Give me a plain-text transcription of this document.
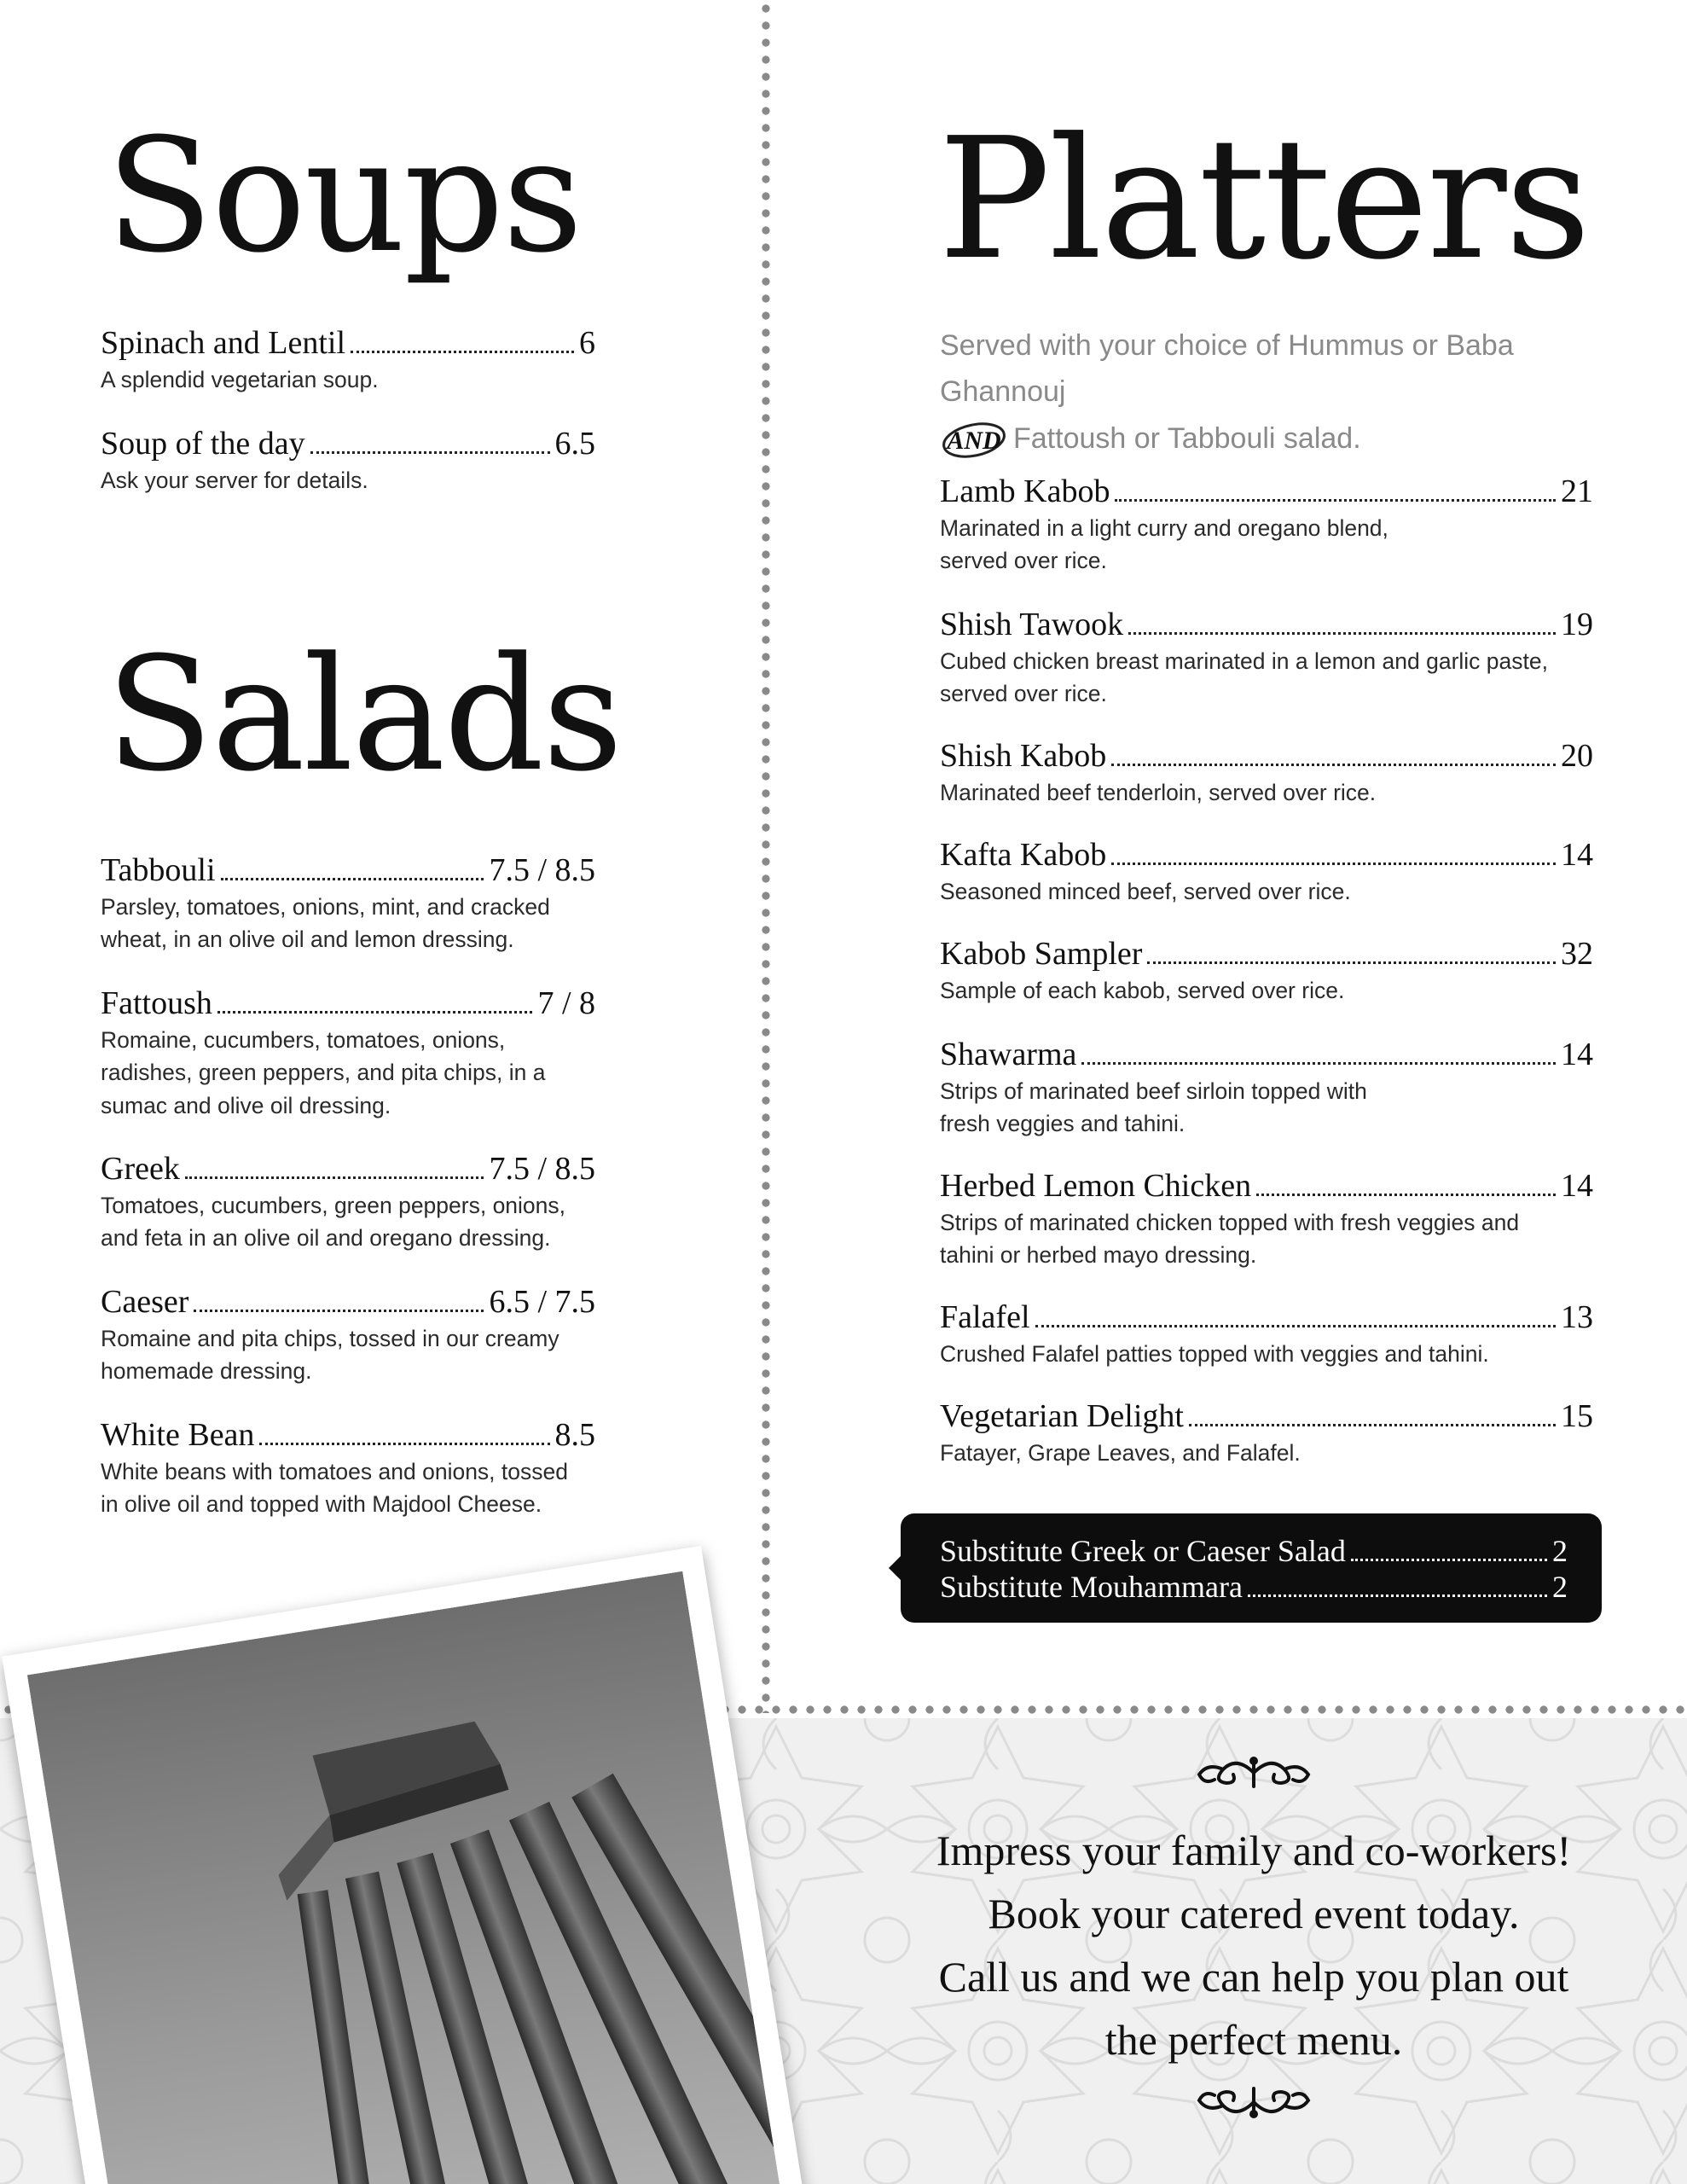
Soups
Spinach and Lentil	6
A splendid vegetarian soup.
Soup of the day	6.5
Ask your server for details.
Salads
Tabbouli	7.5 / 8.5
Parsley, tomatoes, onions, mint, and cracked
wheat, in an olive oil and lemon dressing.
Fattoush	7 / 8
Romaine, cucumbers, tomatoes, onions,
radishes, green peppers, and pita chips, in a
sumac and olive oil dressing.
Greek	7.5 / 8.5
Tomatoes, cucumbers, green peppers, onions,
and feta in an olive oil and oregano dressing.
Caeser	6.5 / 7.5
Romaine and pita chips, tossed in our creamy
homemade dressing.
White Bean	8.5
White beans with tomatoes and onions, tossed
in olive oil and topped with Majdool Cheese.
Platters
Served with your choice of Hummus or Baba Ghannouj
AND Fattoush or Tabbouli salad.
Lamb Kabob	21
Marinated in a light curry and oregano blend,
served over rice.
Shish Tawook	19
Cubed chicken breast marinated in a lemon and garlic paste,
served over rice.
Shish Kabob	20
Marinated beef tenderloin, served over rice.
Kafta Kabob	14
Seasoned minced beef, served over rice.
Kabob Sampler	32
Sample of each kabob, served over rice.
Shawarma	14
Strips of marinated beef sirloin topped with
fresh veggies and tahini.
Herbed Lemon Chicken	14
Strips of marinated chicken topped with fresh veggies and
tahini or herbed mayo dressing.
Falafel	13
Crushed Falafel patties topped with veggies and tahini.
Vegetarian Delight	15
Fatayer, Grape Leaves, and Falafel.
Substitute Greek or Caeser Salad	2
Substitute Mouhammara	2
Impress your family and co-workers!
Book your catered event today.
Call us and we can help you plan out
the perfect menu.
